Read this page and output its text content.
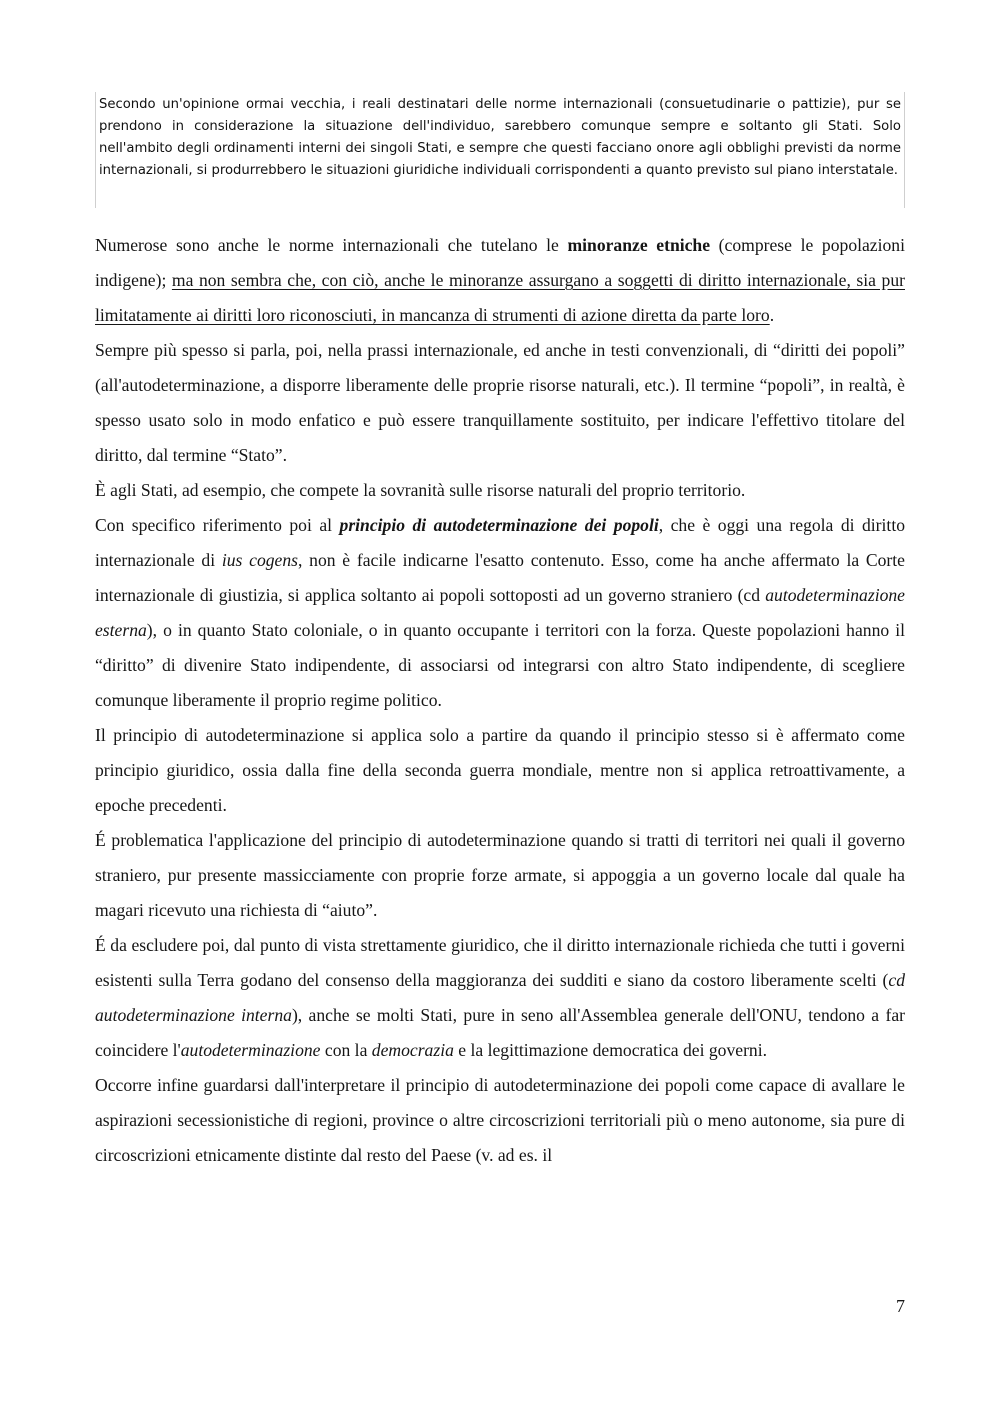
Secondo un'opinione ormai vecchia, i reali destinatari delle norme internazionali (consuetudinarie o pattizie), pur se prendono in considerazione la situazione dell'individuo, sarebbero comunque sempre e soltanto gli Stati. Solo nell'ambito degli ordinamenti interni dei singoli Stati, e sempre che questi facciano onore agli obblighi previsti da norme internazionali, si produrrebbero le situazioni giuridiche individuali corrispondenti a quanto previsto sul piano interstatale.

Numerose sono anche le norme internazionali che tutelano le minoranze etniche (comprese le popolazioni indigene); ma non sembra che, con ciò, anche le minoranze assurgano a soggetti di diritto internazionale, sia pur limitatamente ai diritti loro riconosciuti, in mancanza di strumenti di azione diretta da parte loro.

Sempre più spesso si parla, poi, nella prassi internazionale, ed anche in testi convenzionali, di “diritti dei popoli” (all'autodeterminazione, a disporre liberamente delle proprie risorse naturali, etc.). Il termine “popoli”, in realtà, è spesso usato solo in modo enfatico e può essere tranquillamente sostituito, per indicare l'effettivo titolare del diritto, dal termine “Stato”.

È agli Stati, ad esempio, che compete la sovranità sulle risorse naturali del proprio territorio.

Con specifico riferimento poi al principio di autodeterminazione dei popoli, che è oggi una regola di diritto internazionale di ius cogens, non è facile indicarne l'esatto contenuto. Esso, come ha anche affermato la Corte internazionale di giustizia, si applica soltanto ai popoli sottoposti ad un governo straniero (cd autodeterminazione esterna), o in quanto Stato coloniale, o in quanto occupante i territori con la forza. Queste popolazioni hanno il “diritto” di divenire Stato indipendente, di associarsi od integrarsi con altro Stato indipendente, di scegliere comunque liberamente il proprio regime politico.

Il principio di autodeterminazione si applica solo a partire da quando il principio stesso si è affermato come principio giuridico, ossia dalla fine della seconda guerra mondiale, mentre non si applica retroattivamente, a epoche precedenti.

É problematica l'applicazione del principio di autodeterminazione quando si tratti di territori nei quali il governo straniero, pur presente massicciamente con proprie forze armate, si appoggia a un governo locale dal quale ha magari ricevuto una richiesta di “aiuto”.

É da escludere poi, dal punto di vista strettamente giuridico, che il diritto internazionale richieda che tutti i governi esistenti sulla Terra godano del consenso della maggioranza dei sudditi e siano da costoro liberamente scelti (cd autodeterminazione interna), anche se molti Stati, pure in seno all'Assemblea generale dell'ONU, tendono a far coincidere l'autodeterminazione con la democrazia e la legittimazione democratica dei governi.

Occorre infine guardarsi dall'interpretare il principio di autodeterminazione dei popoli come capace di avallare le aspirazioni secessionistiche di regioni, province o altre circoscrizioni territoriali più o meno autonome, sia pure di circoscrizioni etnicamente distinte dal resto del Paese (v. ad es. il

7
